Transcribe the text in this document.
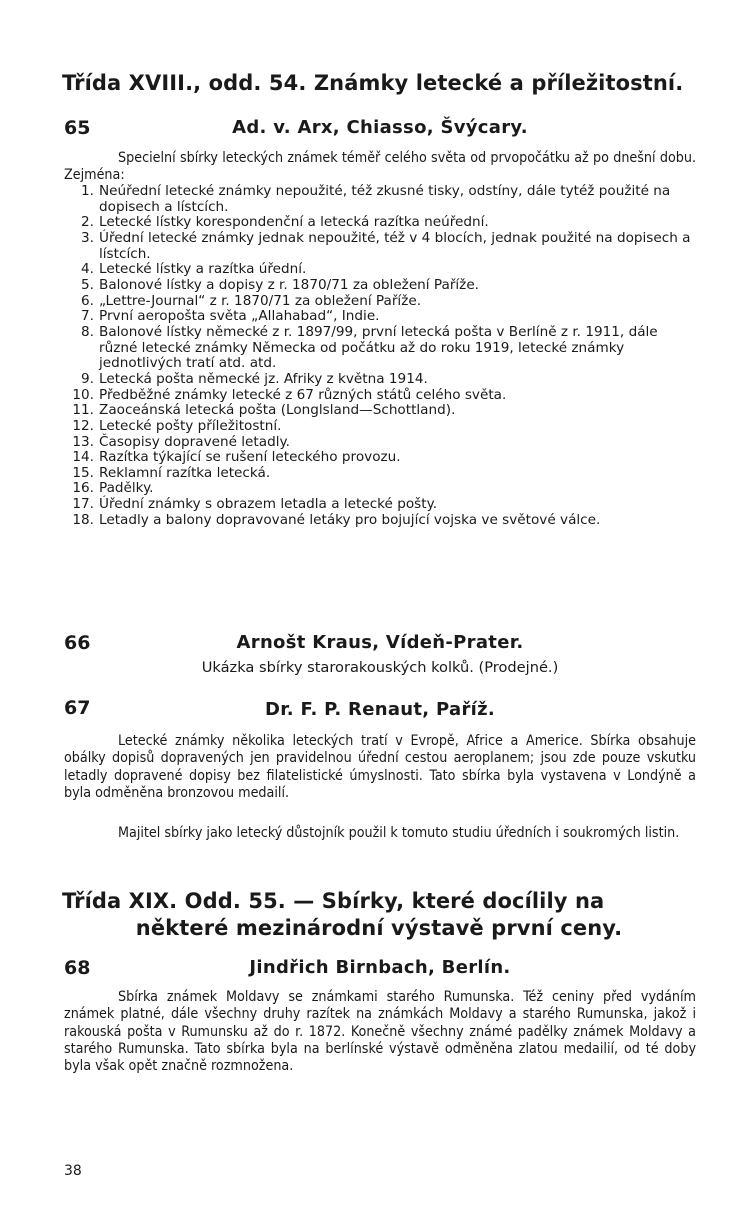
Třída XVIII., odd. 54. Známky letecké a příležitostní.
65	Ad. v. Arx, Chiasso, Švýcary.
Specielní sbírky leteckých známek téměř celého světa od prvopočátku až po dnešní dobu. Zejména:
1. Neúřední letecké známky nepoužité, též zkusné tisky, odstíny, dále tytéž použité na dopisech a lístcích.
2. Letecké lístky korespondenční a letecká razítka neúřední.
3. Úřední letecké známky jednak nepoužité, též v 4 blocích, jednak použité na dopisech a lístcích.
4. Letecké lístky a razítka úřední.
5. Balonové lístky a dopisy z r. 1870/71 za obležení Paříže.
6. „Lettre-Journal“ z r. 1870/71 za obležení Paříže.
7. První aeropošta světa „Allahabad“, Indie.
8. Balonové lístky německé z r. 1897/99, první letecká pošta v Berlíně z r. 1911, dále různé letecké známky Německa od počátku až do roku 1919, letecké známky jednotlivých tratí atd. atd.
9. Letecká pošta německé jz. Afriky z května 1914.
10. Předběžné známky letecké z 67 různých států celého světa.
11. Zaoceánská letecká pošta (Longlsland—Schottland).
12. Letecké pošty příležitostní.
13. Časopisy dopravené letadly.
14. Razítka týkající se rušení leteckého provozu.
15. Reklamní razítka letecká.
16. Padělky.
17. Úřední známky s obrazem letadla a letecké pošty.
18. Letadly a balony dopravované letáky pro bojující vojska ve světové válce.
66	Arnošt Kraus, Vídeň-Prater.
Ukázka sbírky starorakouských kolků. (Prodejné.)
67	Dr. F. P. Renaut, Paříž.
Letecké známky několika leteckých tratí v Evropě, Africe a Americe. Sbírka obsahuje obálky dopisů dopravených jen pravidelnou úřední cestou aeroplanem; jsou zde pouze vskutku letadly dopravené dopisy bez filatelistické úmyslnosti. Tato sbírka byla vystavena v Londýně a byla odměněna bronzovou medailí.
Majitel sbírky jako letecký důstojník použil k tomuto studiu úředních i soukromých listin.
Třída XIX. Odd. 55. — Sbírky, které docílily na
některé mezinárodní výstavě první ceny.
68	Jindřich Birnbach, Berlín.
Sbírka známek Moldavy se známkami starého Rumunska. Též ceniny před vydáním známek platné, dále všechny druhy razítek na známkách Moldavy a starého Rumunska, jakož i rakouská pošta v Rumunsku až do r. 1872. Konečně všechny známé padělky známek Moldavy a starého Rumunska. Tato sbírka byla na berlínské výstavě odměněna zlatou medailií, od té doby byla však opět značně rozmnožena.
38
